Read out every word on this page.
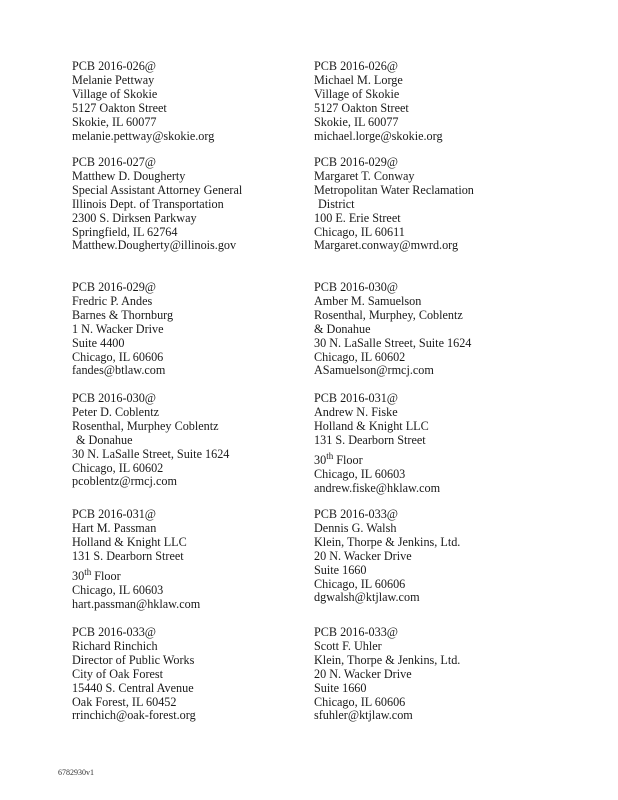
PCB 2016-026@
Melanie Pettway
Village of Skokie
5127 Oakton Street
Skokie, IL 60077
melanie.pettway@skokie.org
PCB 2016-027@
Matthew D. Dougherty
Special Assistant Attorney General
Illinois Dept. of Transportation
2300 S. Dirksen Parkway
Springfield, IL 62764
Matthew.Dougherty@illinois.gov
PCB 2016-029@
Fredric P. Andes
Barnes & Thornburg
1 N. Wacker Drive
Suite 4400
Chicago, IL 60606
fandes@btlaw.com
PCB 2016-030@
Peter D. Coblentz
Rosenthal, Murphey Coblentz
& Donahue
30 N. LaSalle Street, Suite 1624
Chicago, IL 60602
pcoblentz@rmcj.com
PCB 2016-031@
Hart M. Passman
Holland & Knight LLC
131 S. Dearborn Street
30th Floor
Chicago, IL 60603
hart.passman@hklaw.com
PCB 2016-033@
Richard Rinchich
Director of Public Works
City of Oak Forest
15440 S. Central Avenue
Oak Forest, IL 60452
rrinchich@oak-forest.org
PCB 2016-026@
Michael M. Lorge
Village of Skokie
5127 Oakton Street
Skokie, IL 60077
michael.lorge@skokie.org
PCB 2016-029@
Margaret T. Conway
Metropolitan Water Reclamation
District
100 E. Erie Street
Chicago, IL 60611
Margaret.conway@mwrd.org
PCB 2016-030@
Amber M. Samuelson
Rosenthal, Murphey, Coblentz
& Donahue
30 N. LaSalle Street, Suite 1624
Chicago, IL 60602
ASamuelson@rmcj.com
PCB 2016-031@
Andrew N. Fiske
Holland & Knight LLC
131 S. Dearborn Street
30th Floor
Chicago, IL 60603
andrew.fiske@hklaw.com
PCB 2016-033@
Dennis G. Walsh
Klein, Thorpe & Jenkins, Ltd.
20 N. Wacker Drive
Suite 1660
Chicago, IL 60606
dgwalsh@ktjlaw.com
PCB 2016-033@
Scott F. Uhler
Klein, Thorpe & Jenkins, Ltd.
20 N. Wacker Drive
Suite 1660
Chicago, IL 60606
sfuhler@ktjlaw.com
6782930v1
